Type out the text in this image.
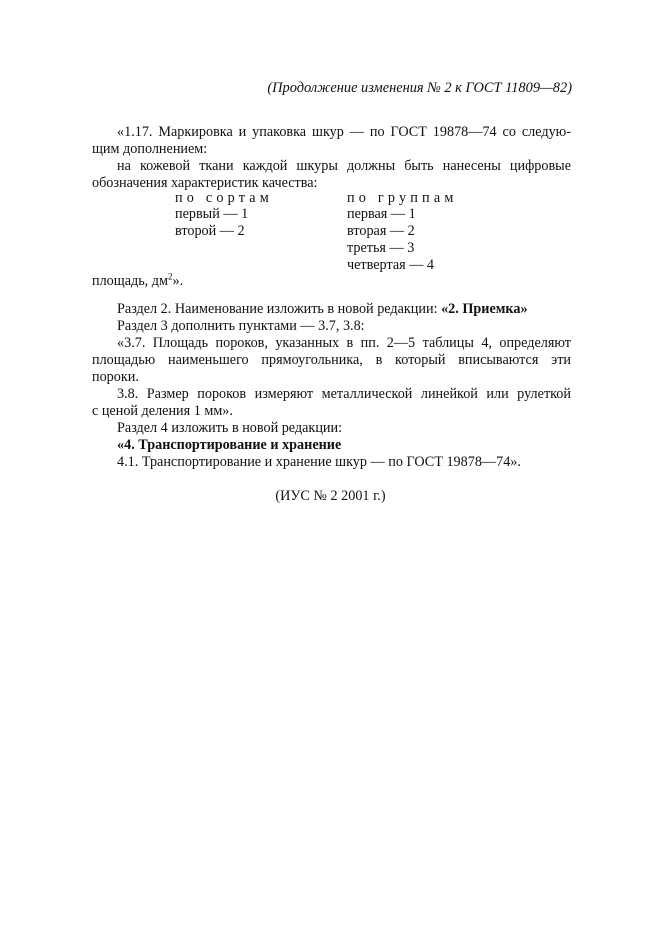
(Продолжение изменения № 2 к ГОСТ 11809—82)
«1.17. Маркировка и упаковка шкур — по ГОСТ 19878—74 со следую-
щим дополнением:
на кожевой ткани каждой шкуры должны быть нанесены цифровые
обозначения характеристик качества:
по сортам
первый — 1
второй — 2
по группам
первая — 1
вторая — 2
третья — 3
четвертая — 4
площадь, $дм^2$».
Раздел 2. Наименование изложить в новой редакции: «2. Приемка»
Раздел 3 дополнить пунктами — 3.7, 3.8:
«3.7. Площадь пороков, указанных в пп. 2—5 таблицы 4, определяют
площадью наименьшего прямоугольника, в который вписываются эти
пороки.
3.8. Размер пороков измеряют металлической линейкой или рулеткой
с ценой деления 1 мм».
Раздел 4 изложить в новой редакции:
«4. Транспортирование и хранение
4.1. Транспортирование и хранение шкур — по ГОСТ 19878—74».
(ИУС № 2 2001 г.)
